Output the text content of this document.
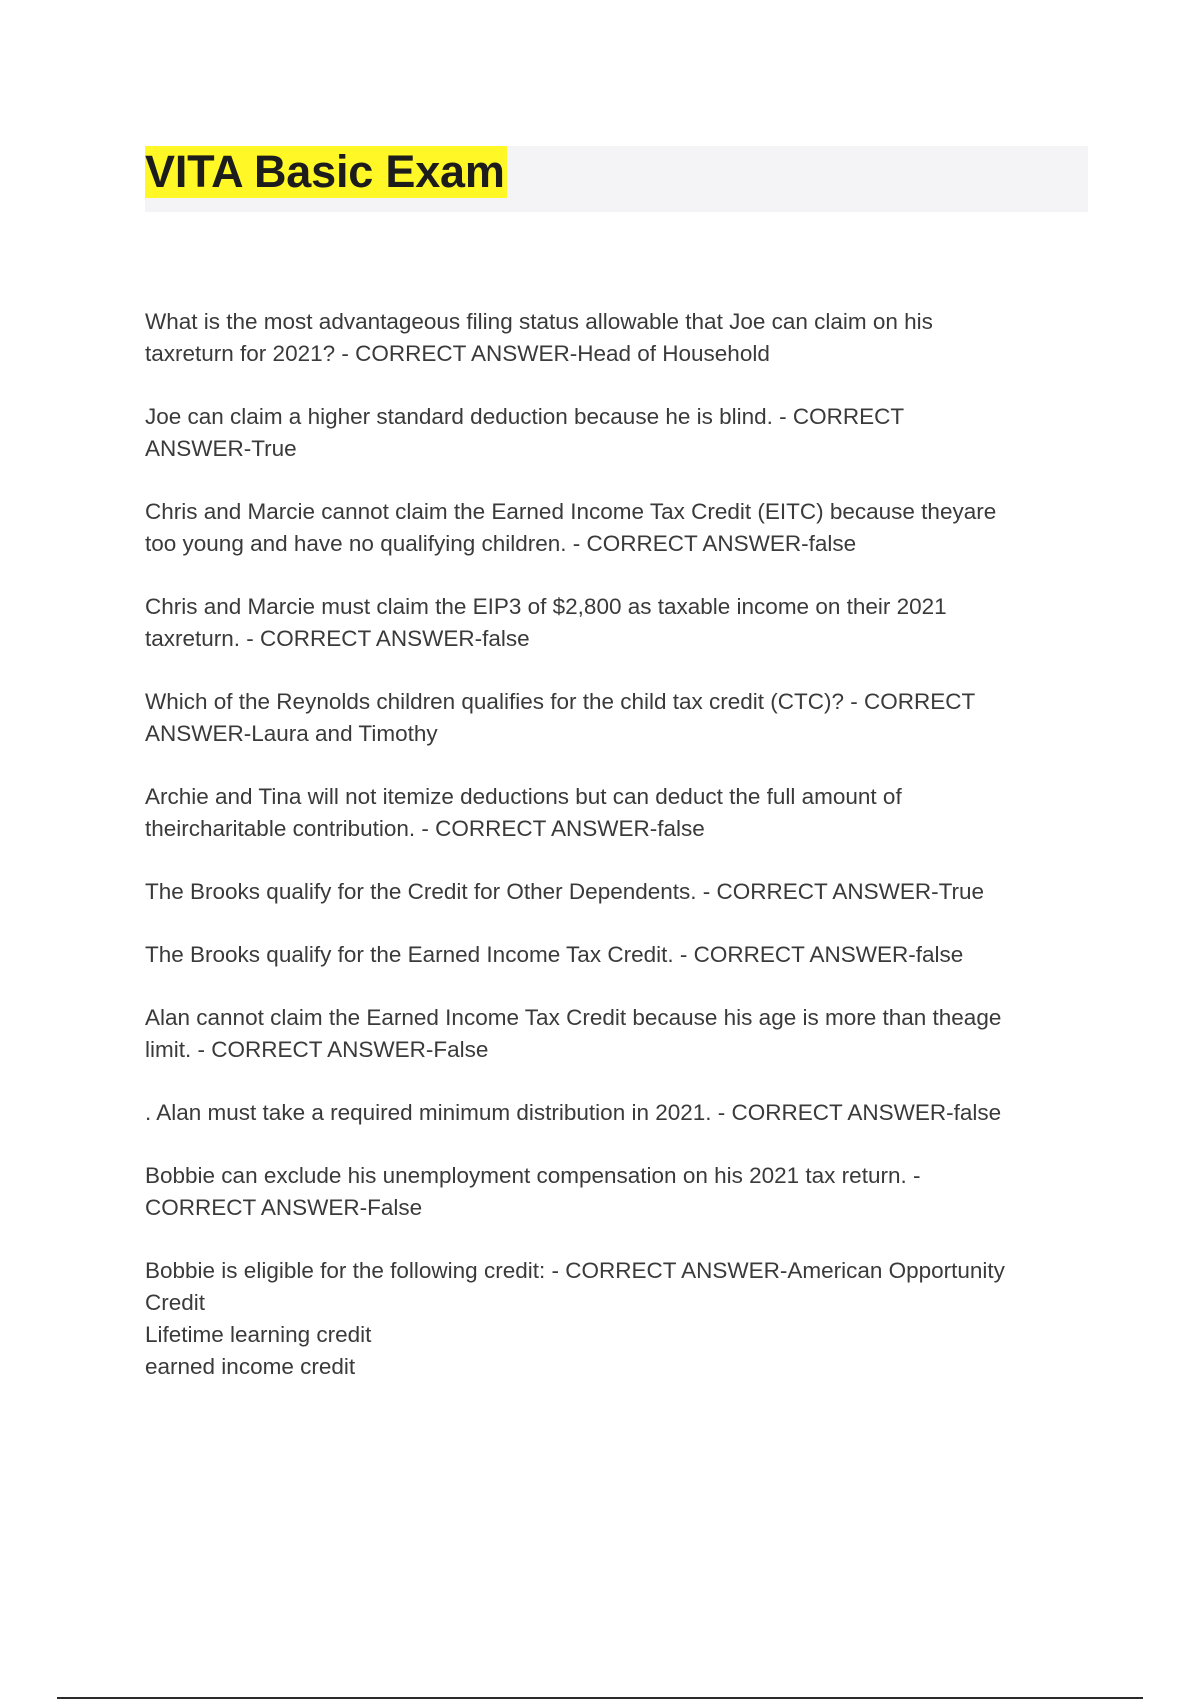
VITA Basic Exam
What is the most advantageous filing status allowable that Joe can claim on his
taxreturn for 2021? - CORRECT ANSWER-Head of Household
Joe can claim a higher standard deduction because he is blind. - CORRECT
ANSWER-True
Chris and Marcie cannot claim the Earned Income Tax Credit (EITC) because theyare
too young and have no qualifying children. - CORRECT ANSWER-false
Chris and Marcie must claim the EIP3 of $2,800 as taxable income on their 2021
taxreturn. - CORRECT ANSWER-false
Which of the Reynolds children qualifies for the child tax credit (CTC)? - CORRECT
ANSWER-Laura and Timothy
Archie and Tina will not itemize deductions but can deduct the full amount of
theircharitable contribution. - CORRECT ANSWER-false
The Brooks qualify for the Credit for Other Dependents. - CORRECT ANSWER-True
The Brooks qualify for the Earned Income Tax Credit. - CORRECT ANSWER-false
Alan cannot claim the Earned Income Tax Credit because his age is more than theage
limit. - CORRECT ANSWER-False
. Alan must take a required minimum distribution in 2021. - CORRECT ANSWER-false
Bobbie can exclude his unemployment compensation on his 2021 tax return. -
CORRECT ANSWER-False
Bobbie is eligible for the following credit: - CORRECT ANSWER-American Opportunity
Credit
Lifetime learning credit
earned income credit
